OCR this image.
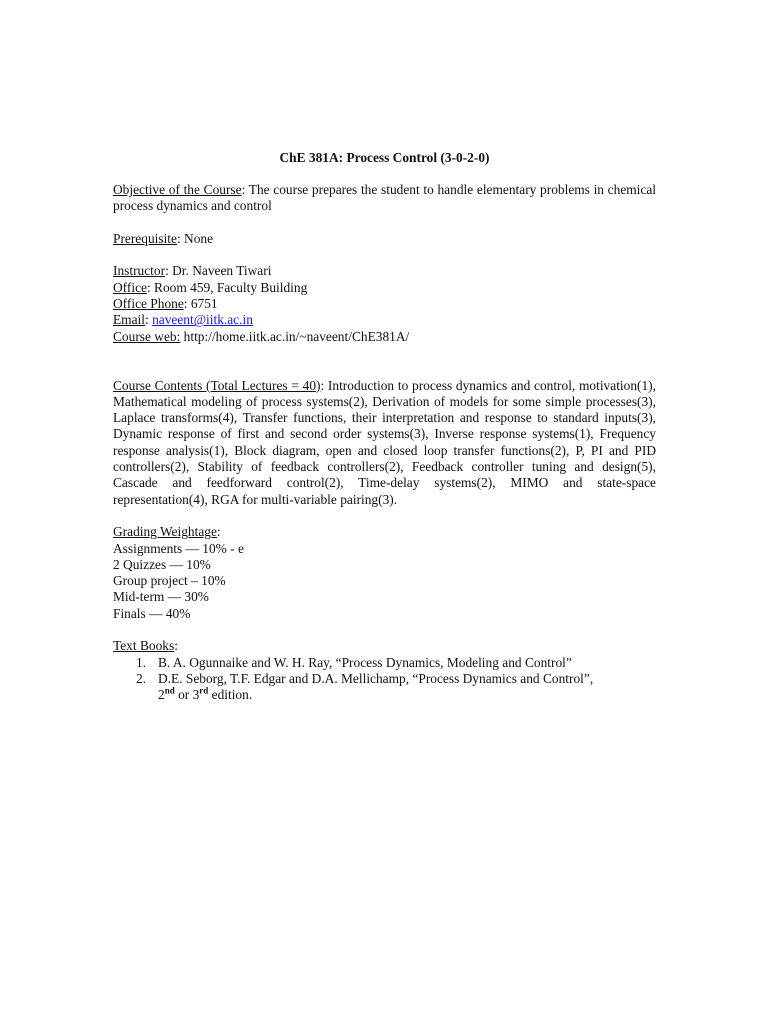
ChE 381A: Process Control (3-0-2-0)
Objective of the Course: The course prepares the student to handle elementary problems in chemical process dynamics and control
Prerequisite: None
Instructor: Dr. Naveen Tiwari
Office: Room 459, Faculty Building
Office Phone: 6751
Email: naveent@iitk.ac.in
Course web: http://home.iitk.ac.in/~naveent/ChE381A/
Course Contents (Total Lectures = 40): Introduction to process dynamics and control, motivation(1), Mathematical modeling of process systems(2), Derivation of models for some simple processes(3), Laplace transforms(4), Transfer functions, their interpretation and response to standard inputs(3), Dynamic response of first and second order systems(3), Inverse response systems(1), Frequency response analysis(1), Block diagram, open and closed loop transfer functions(2), P, PI and PID controllers(2), Stability of feedback controllers(2), Feedback controller tuning and design(5), Cascade and feedforward control(2), Time-delay systems(2), MIMO and state-space representation(4), RGA for multi-variable pairing(3).
Grading Weightage:
Assignments — 10% - e
2 Quizzes — 10%
Group project – 10%
Mid-term — 30%
Finals — 40%
Text Books:
1. B. A. Ogunnaike and W. H. Ray, “Process Dynamics, Modeling and Control”
2. D.E. Seborg, T.F. Edgar and D.A. Mellichamp, “Process Dynamics and Control”,
2nd or 3rd edition.
